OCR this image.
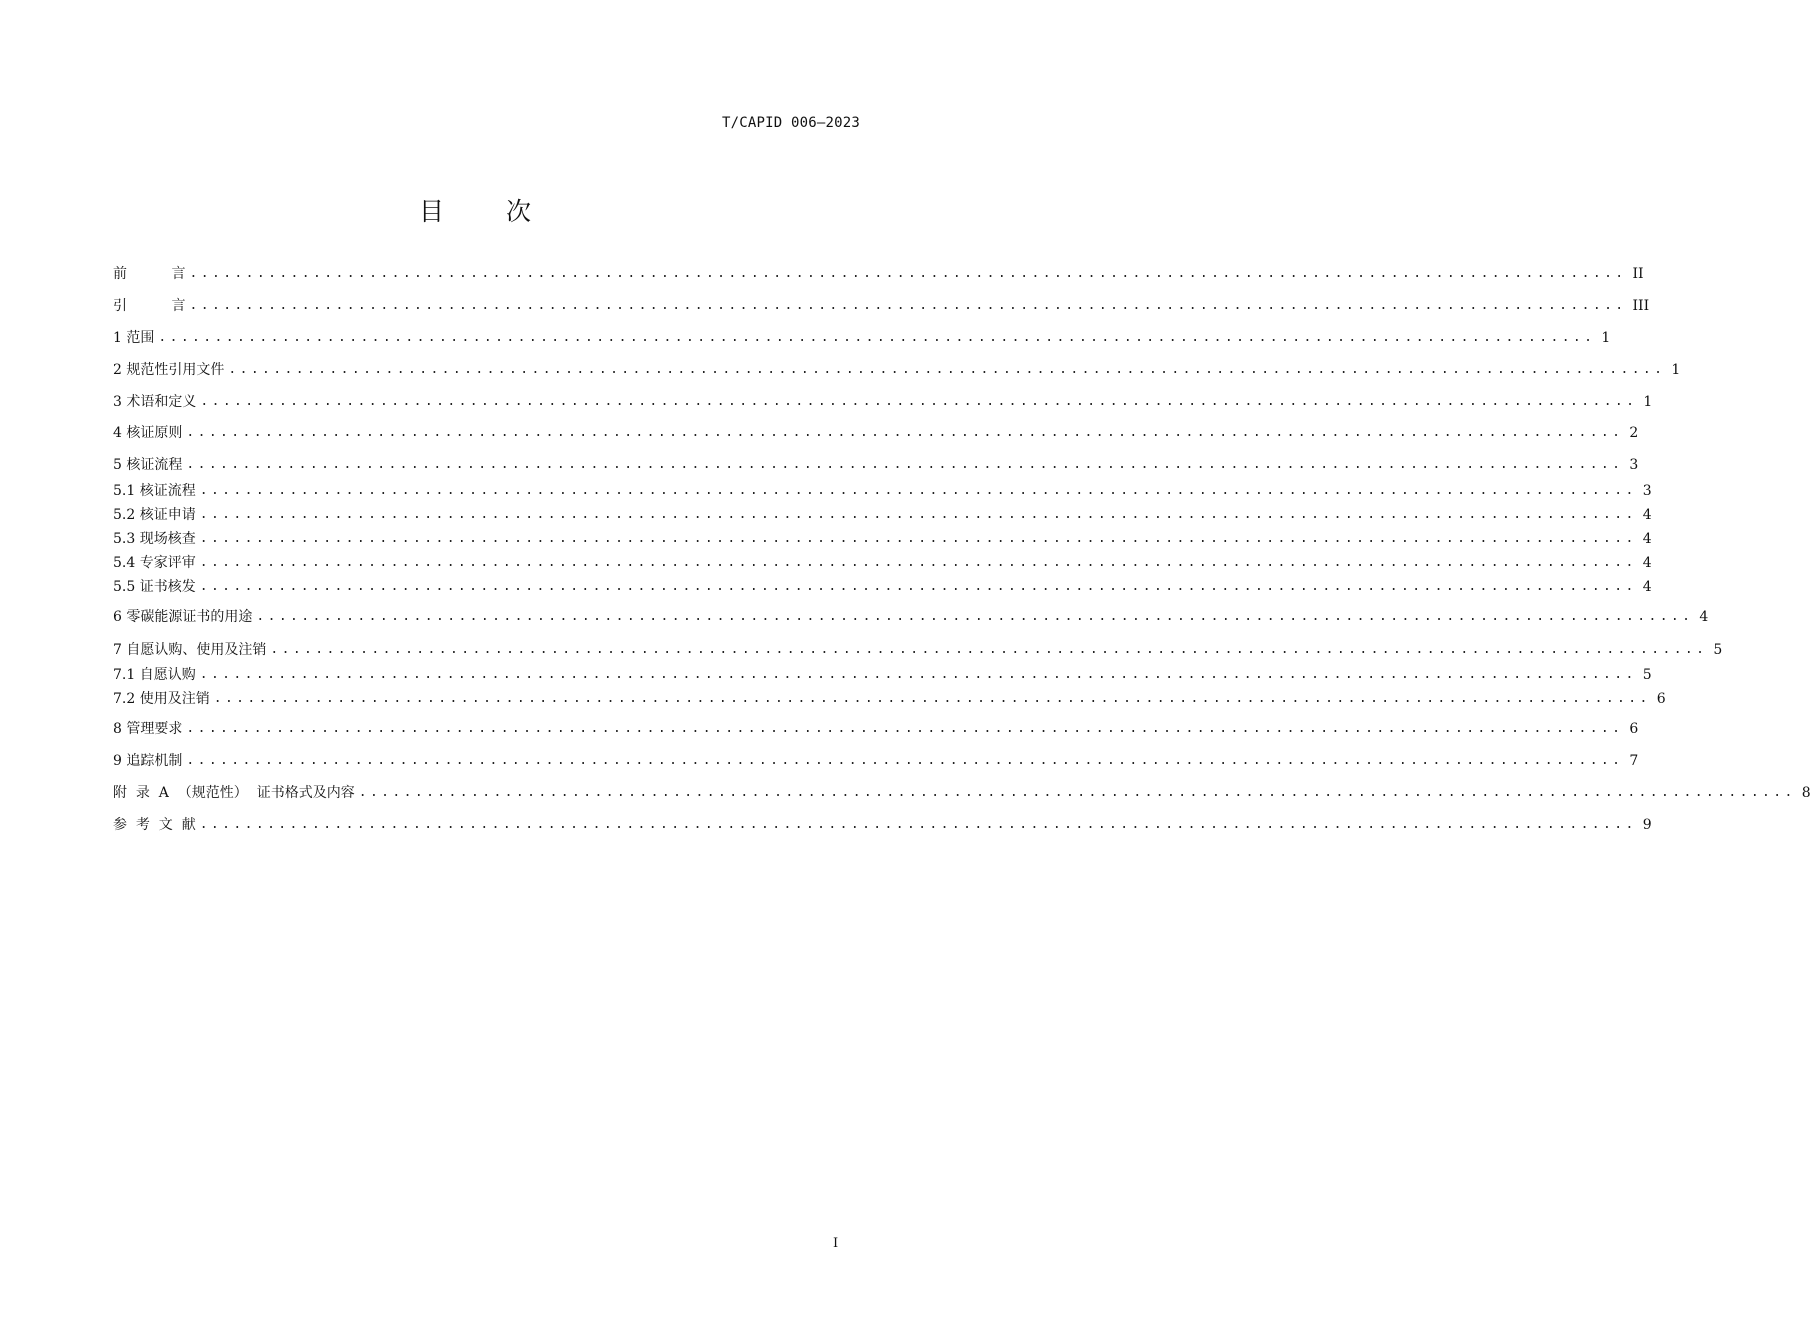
T/CAPID 006—2023
目次
前          言 ................................................................................................................................ II
引          言 ................................................................................................................................ III
1 范围 ................................................................................................................................ 1
2 规范性引用文件 ................................................................................................................................ 1
3 术语和定义 ................................................................................................................................ 1
4 核证原则 ................................................................................................................................ 2
5 核证流程 ................................................................................................................................ 3
5.1 核证流程 ................................................................................................................................ 3
5.2 核证申请 ................................................................................................................................ 4
5.3 现场核查 ................................................................................................................................ 4
5.4 专家评审 ................................................................................................................................ 4
5.5 证书核发 ................................................................................................................................ 4
6 零碳能源证书的用途 ................................................................................................................................ 4
7 自愿认购、使用及注销 ................................................................................................................................ 5
7.1 自愿认购 ................................................................................................................................ 5
7.2 使用及注销 ................................................................................................................................ 6
8 管理要求 ................................................................................................................................ 6
9 追踪机制 ................................................................................................................................ 7
附  录  A  （规范性）  证书格式及内容 ................................................................................................................................ 8
参  考  文  献 ................................................................................................................................ 9
I
